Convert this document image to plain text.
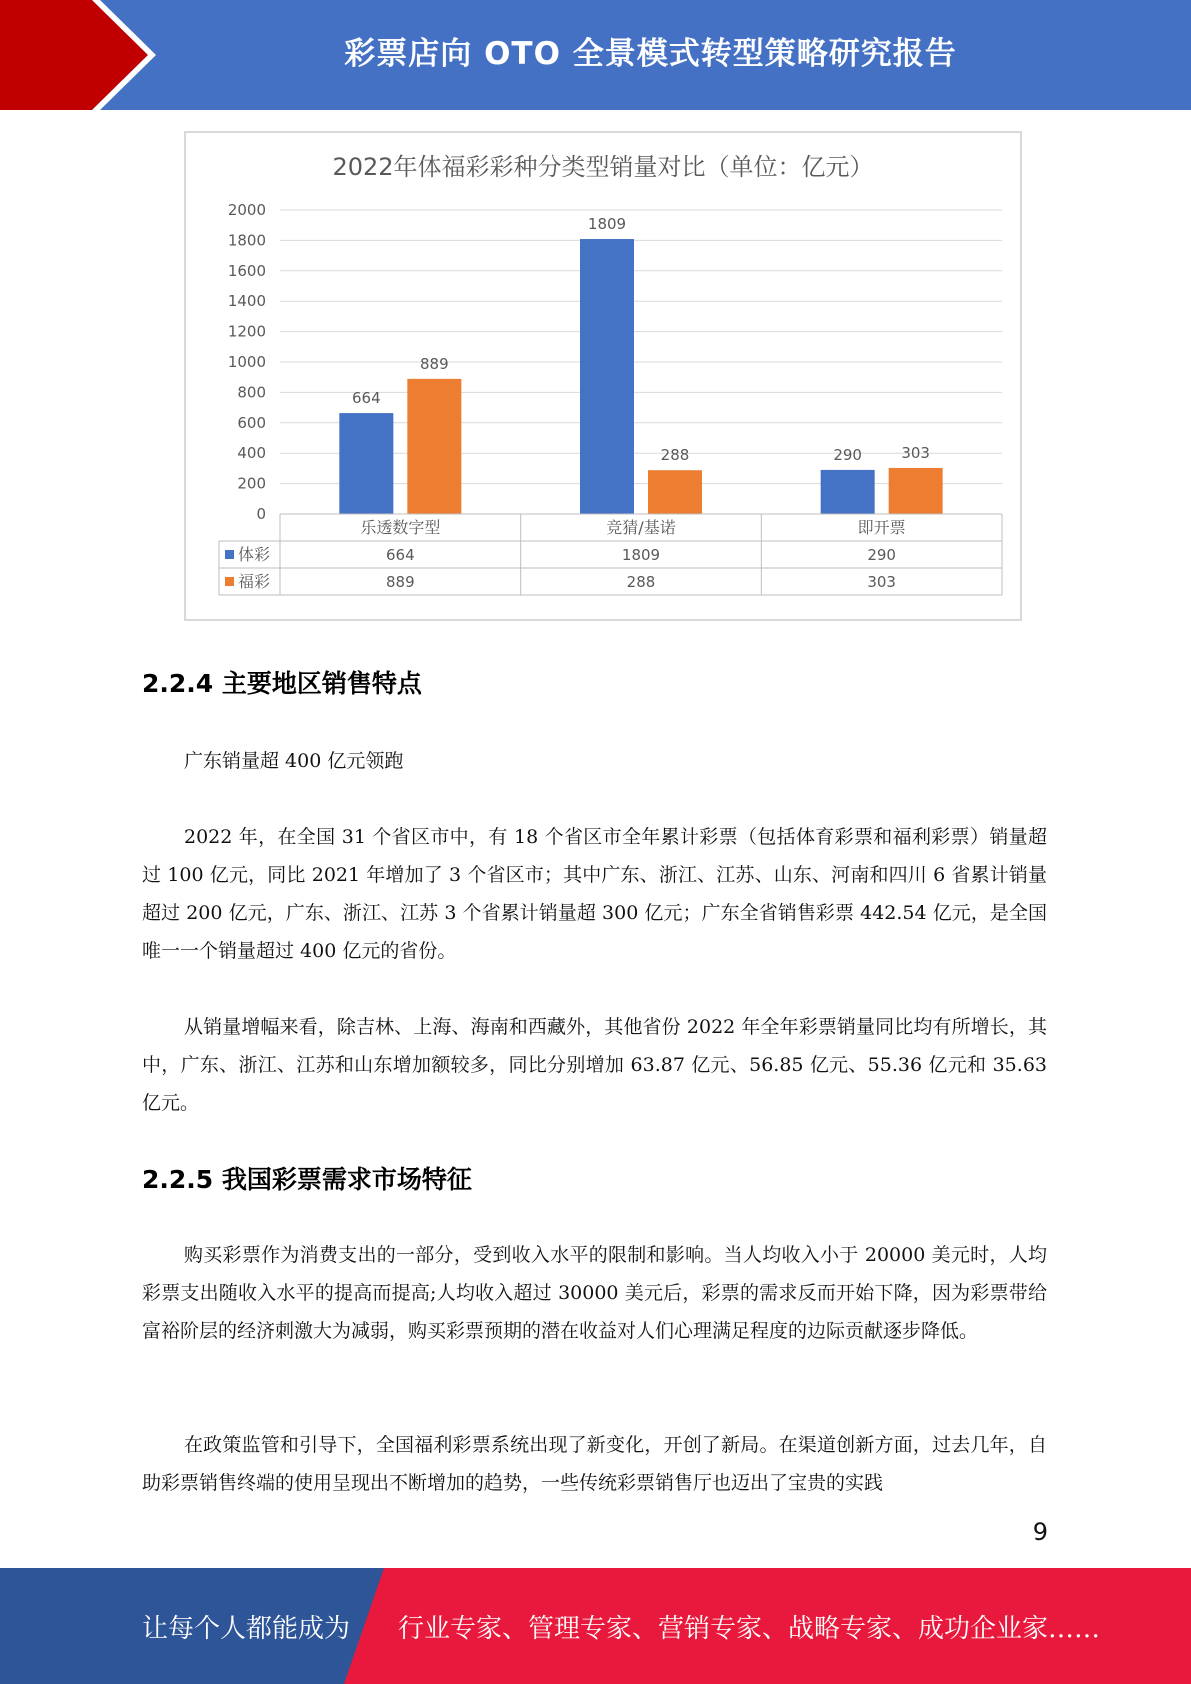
彩票店向 OTO 全景模式转型策略研究报告
2022年体福彩彩种分类型销量对比（单位：亿元）
0
200
400
600
800
1000
1200
1400
1600
1800
2000
664
889
1809
288	290	303
乐透数字型	竞猜/基诺	即开票
体彩	664	1809	290
福彩	889	288	303
2.2.4 主要地区销售特点

广东销量超 400 亿元领跑

2022 年，在全国 31 个省区市中，有 18 个省区市全年累计彩票（包括体育彩票和福利彩票）销量超过 100 亿元，同比 2021 年增加了 3 个省区市；其中广东、浙江、江苏、山东、河南和四川 6 省累计销量超过 200 亿元，广东、浙江、江苏 3 个省累计销量超 300 亿元；广东全省销售彩票 442.54 亿元，是全国唯一一个销量超过 400 亿元的省份。

从销量增幅来看，除吉林、上海、海南和西藏外，其他省份 2022 年全年彩票销量同比均有所增长，其中，广东、浙江、江苏和山东增加额较多，同比分别增加 63.87 亿元、56.85 亿元、55.36 亿元和 35.63 亿元。

2.2.5 我国彩票需求市场特征

购买彩票作为消费支出的一部分，受到收入水平的限制和影响。当人均收入小于 20000 美元时，人均彩票支出随收入水平的提高而提高;人均收入超过 30000 美元后，彩票的需求反而开始下降，因为彩票带给富裕阶层的经济刺激大为减弱，购买彩票预期的潜在收益对人们心理满足程度的边际贡献逐步降低。

在政策监管和引导下，全国福利彩票系统出现了新变化，开创了新局。在渠道创新方面，过去几年，自助彩票销售终端的使用呈现出不断增加的趋势，一些传统彩票销售厅也迈出了宝贵的实践

9
让每个人都能成为 行业专家、管理专家、营销专家、战略专家、成功企业家……
